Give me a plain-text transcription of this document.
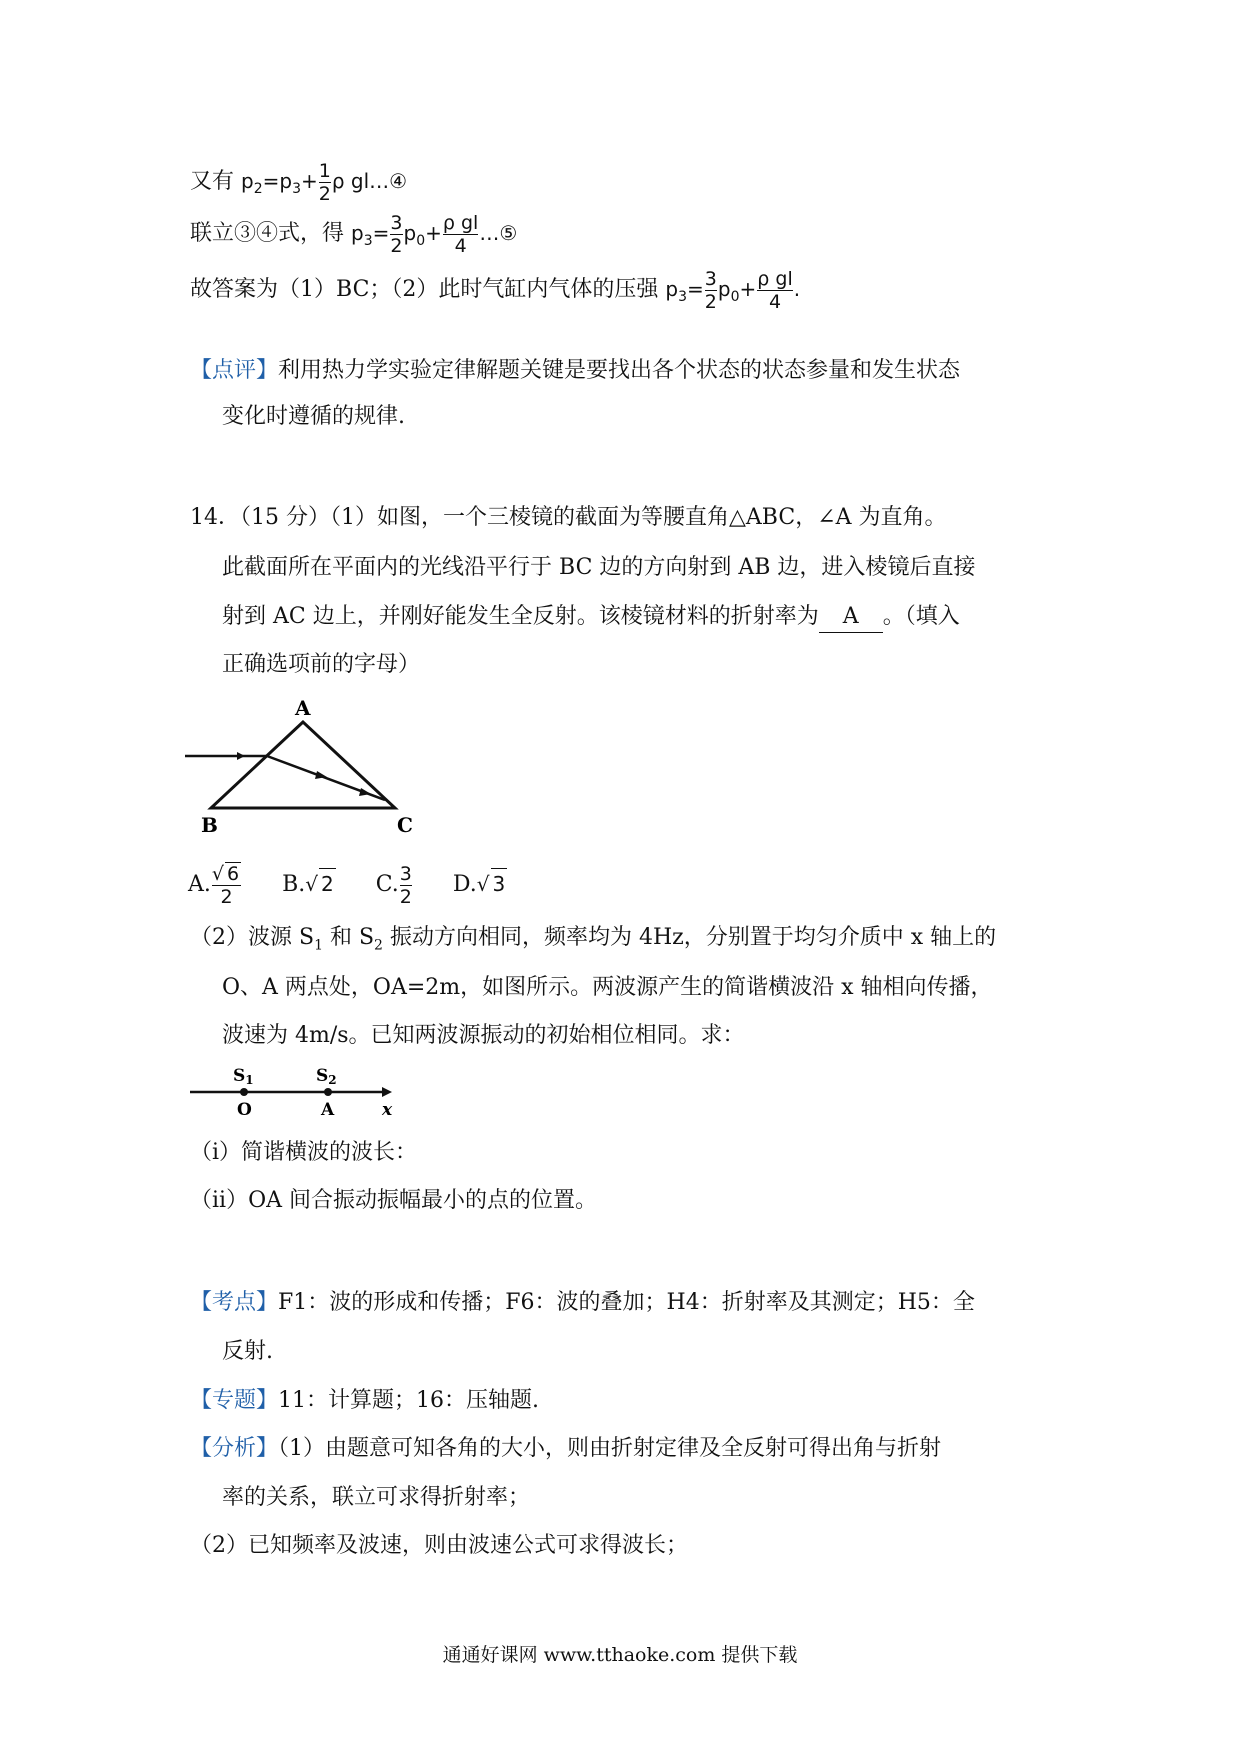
又有 $p_2=p_3+ \frac{1}{2}$ ρ gl…④
联立③④式，得 $p_3= \frac{3}{2} p_0+ \frac{\text{ρ gl}}{4}$ …⑤
故答案为（1）BC；（2）此时气缸内气体的压强 $p_3= \frac{3}{2} p_0+ \frac{\text{ρ gl}}{4}$ .
【点评】利用热力学实验定律解题关键是要找出各个状态的状态参量和发生状态
变化时遵循的规律.
14．（15 分）（1）如图，一个三棱镜的截面为等腰直角△ABC，∠A 为直角。
此截面所在平面内的光线沿平行于 BC 边的方向射到 AB 边，进入棱镜后直接
射到 AC 边上，并刚好能发生全反射。该棱镜材料的折射率为 A 。（填入
正确选项前的字母）
A
B	C
A. $\frac{√ 6}{2} B.√$ 2 C. $\frac{3}{2} D.√$ 3
（2）波源 $S_1$ 和 $S_2$ 振动方向相同，频率均为 4Hz，分别置于均匀介质中 x 轴上的
O、A 两点处，OA=2m，如图所示。两波源产生的简谐横波沿 x 轴相向传播，
波速为 4m/s。已知两波源振动的初始相位相同。求：
S1	S2
O	A	x
（i）简谐横波的波长：
（ii）OA 间合振动振幅最小的点的位置。
【考点】F1：波的形成和传播；F6：波的叠加；H4：折射率及其测定；H5：全
反射.
【专题】11：计算题；16：压轴题.
【分析】（1）由题意可知各角的大小，则由折射定律及全反射可得出角与折射
率的关系，联立可求得折射率；
（2）已知频率及波速，则由波速公式可求得波长；
通通好课网 www.tthaoke.com 提供下载
